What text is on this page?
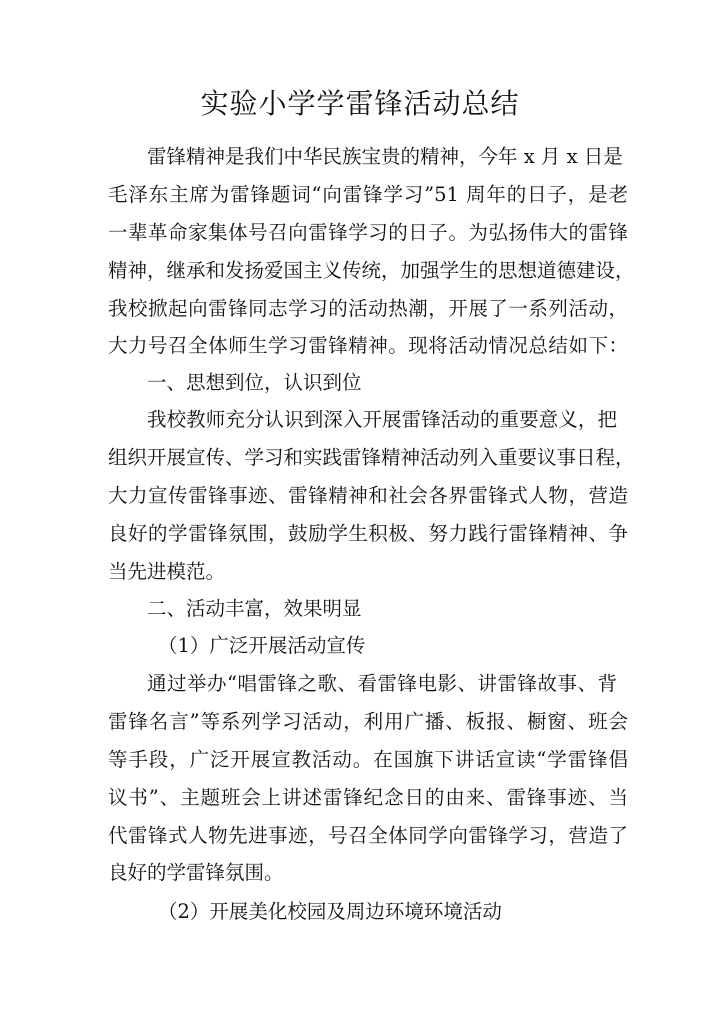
实验小学学雷锋活动总结
雷锋精神是我们中华民族宝贵的精神，今年 x 月 x 日是
毛泽东主席为雷锋题词“向雷锋学习”51 周年的日子，是老
一辈革命家集体号召向雷锋学习的日子。为弘扬伟大的雷锋
精神，继承和发扬爱国主义传统，加强学生的思想道德建设，
我校掀起向雷锋同志学习的活动热潮，开展了一系列活动，
大力号召全体师生学习雷锋精神。现将活动情况总结如下：
一、思想到位，认识到位
我校教师充分认识到深入开展雷锋活动的重要意义，把
组织开展宣传、学习和实践雷锋精神活动列入重要议事日程，
大力宣传雷锋事迹、雷锋精神和社会各界雷锋式人物，营造
良好的学雷锋氛围，鼓励学生积极、努力践行雷锋精神、争
当先进模范。
二、活动丰富，效果明显
（1）广泛开展活动宣传
通过举办“唱雷锋之歌、看雷锋电影、讲雷锋故事、背
雷锋名言”等系列学习活动，利用广播、板报、橱窗、班会
等手段，广泛开展宣教活动。在国旗下讲话宣读“学雷锋倡
议书”、主题班会上讲述雷锋纪念日的由来、雷锋事迹、当
代雷锋式人物先进事迹，号召全体同学向雷锋学习，营造了
良好的学雷锋氛围。
（2）开展美化校园及周边环境环境活动
